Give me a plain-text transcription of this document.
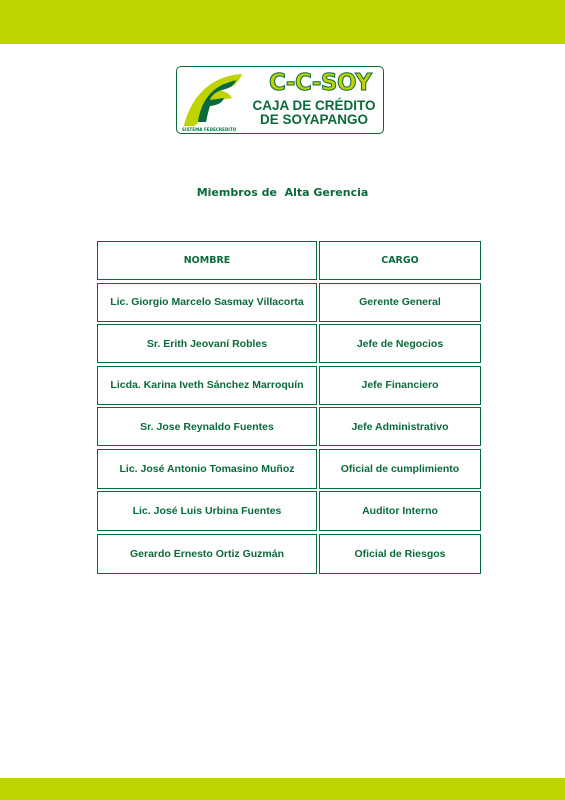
SISTEMA FEDECREDITO
C-C-SOY
CAJA DE CRÉDITO
DE SOYAPANGO
Miembros de  Alta Gerencia
NOMBRE	CARGO
Lic. Giorgio Marcelo Sasmay Villacorta	Gerente General
Sr. Erith Jeovaní Robles	Jefe de Negocios
Licda. Karina Iveth Sánchez Marroquín	Jefe Financiero
Sr. Jose Reynaldo Fuentes	Jefe Administrativo
Lic. José Antonio Tomasino Muñoz	Oficial de cumplimiento
Lic. José Luis Urbina Fuentes	Auditor Interno
Gerardo Ernesto Ortiz Guzmán	Oficial de Riesgos
